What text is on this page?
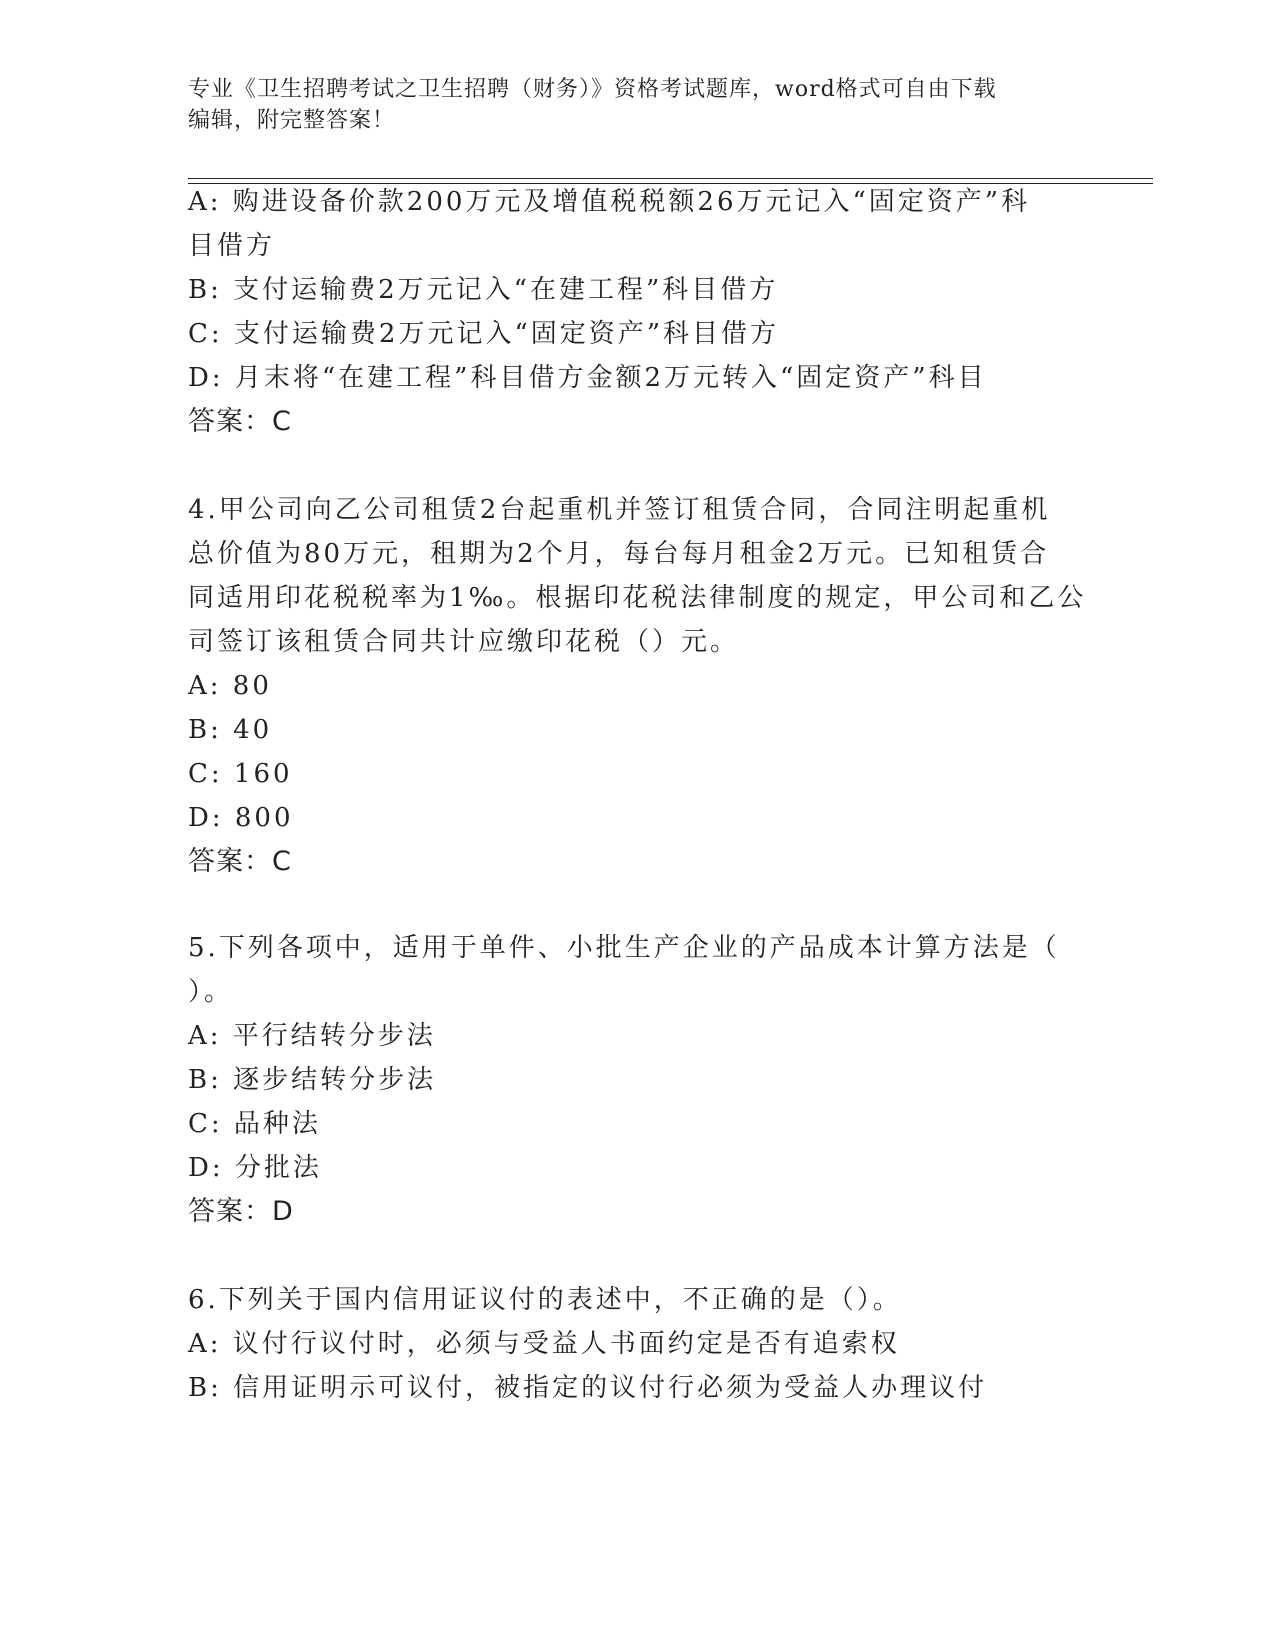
专业《卫生招聘考试之卫生招聘（财务）》资格考试题库，word格式可自由下载
编辑，附完整答案！
A: 购进设备价款200万元及增值税税额26万元记入“固定资产”科
目借方
B: 支付运输费2万元记入“在建工程”科目借方
C: 支付运输费2万元记入“固定资产”科目借方
D: 月末将“在建工程”科目借方金额2万元转入“固定资产”科目
答案：C
4.甲公司向乙公司租赁2台起重机并签订租赁合同，合同注明起重机
总价值为80万元，租期为2个月，每台每月租金2万元。已知租赁合
同适用印花税税率为1‰。根据印花税法律制度的规定，甲公司和乙公
司签订该租赁合同共计应缴印花税（）元。
A: 80
B: 40
C: 160
D: 800
答案：C
5.下列各项中，适用于单件、小批生产企业的产品成本计算方法是（
）。
A: 平行结转分步法
B: 逐步结转分步法
C: 品种法
D: 分批法
答案：D
6.下列关于国内信用证议付的表述中，不正确的是（）。
A: 议付行议付时，必须与受益人书面约定是否有追索权
B: 信用证明示可议付，被指定的议付行必须为受益人办理议付
